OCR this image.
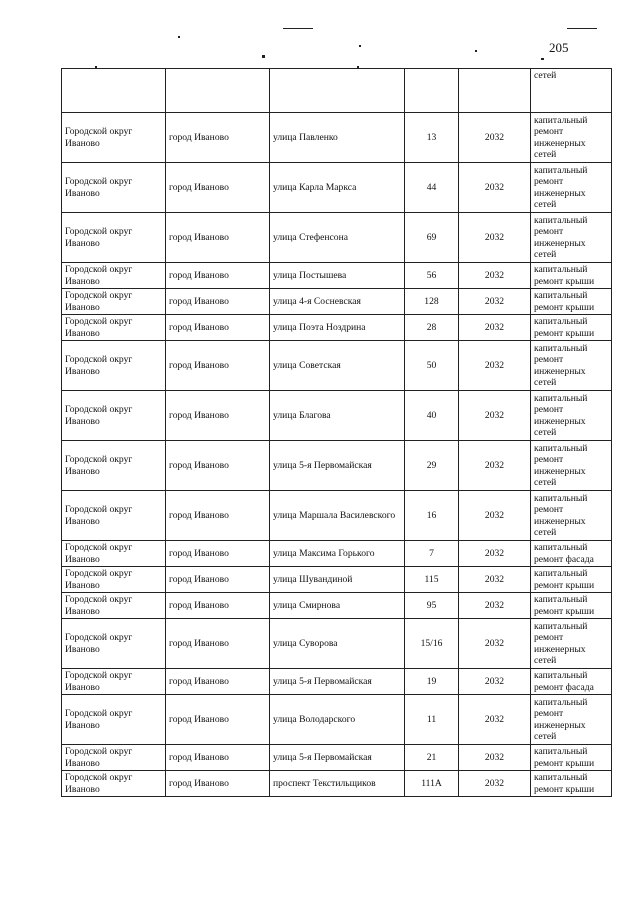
205
					сетей
Городской округ Иваново	город Иваново	улица Павленко	13	2032	капитальный ремонт инженерных сетей
Городской округ Иваново	город Иваново	улица Карла Маркса	44	2032	капитальный ремонт инженерных сетей
Городской округ Иваново	город Иваново	улица Стефенсона	69	2032	капитальный ремонт инженерных сетей
Городской округ Иваново	город Иваново	улица Постышева	56	2032	капитальный ремонт крыши
Городской округ Иваново	город Иваново	улица 4-я Сосневская	128	2032	капитальный ремонт крыши
Городской округ Иваново	город Иваново	улица Поэта Ноздрина	28	2032	капитальный ремонт крыши
Городской округ Иваново	город Иваново	улица Советская	50	2032	капитальный ремонт инженерных сетей
Городской округ Иваново	город Иваново	улица Благова	40	2032	капитальный ремонт инженерных сетей
Городской округ Иваново	город Иваново	улица 5-я Первомайская	29	2032	капитальный ремонт инженерных сетей
Городской округ Иваново	город Иваново	улица Маршала Василевского	16	2032	капитальный ремонт инженерных сетей
Городской округ Иваново	город Иваново	улица Максима Горького	7	2032	капитальный ремонт фасада
Городской округ Иваново	город Иваново	улица Шувандиной	115	2032	капитальный ремонт крыши
Городской округ Иваново	город Иваново	улица Смирнова	95	2032	капитальный ремонт крыши
Городской округ Иваново	город Иваново	улица Суворова	15/16	2032	капитальный ремонт инженерных сетей
Городской округ Иваново	город Иваново	улица 5-я Первомайская	19	2032	капитальный ремонт фасада
Городской округ Иваново	город Иваново	улица Володарского	11	2032	капитальный ремонт инженерных сетей
Городской округ Иваново	город Иваново	улица 5-я Первомайская	21	2032	капитальный ремонт крыши
Городской округ Иваново	город Иваново	проспект Текстильщиков	111А	2032	капитальный ремонт крыши
